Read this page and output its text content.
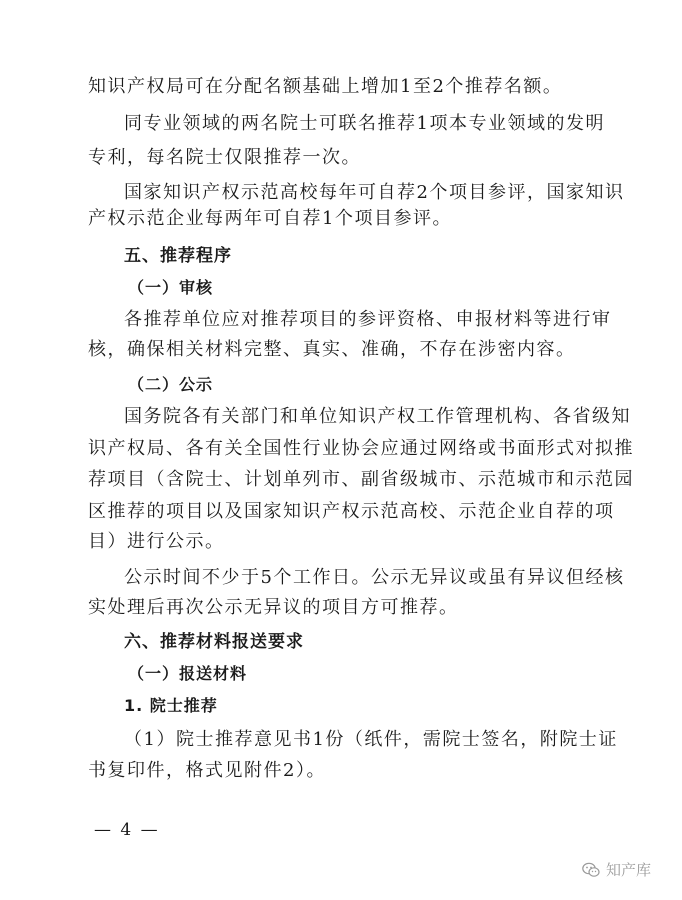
知识产权局可在分配名额基础上增加1至2个推荐名额。
同专业领域的两名院士可联名推荐1项本专业领域的发明
专利，每名院士仅限推荐一次。
国家知识产权示范高校每年可自荐2个项目参评，国家知识
产权示范企业每两年可自荐1个项目参评。
五、推荐程序
（一）审核
各推荐单位应对推荐项目的参评资格、申报材料等进行审
核，确保相关材料完整、真实、准确，不存在涉密内容。
（二）公示
国务院各有关部门和单位知识产权工作管理机构、各省级知
识产权局、各有关全国性行业协会应通过网络或书面形式对拟推
荐项目（含院士、计划单列市、副省级城市、示范城市和示范园
区推荐的项目以及国家知识产权示范高校、示范企业自荐的项
目）进行公示。
公示时间不少于5个工作日。公示无异议或虽有异议但经核
实处理后再次公示无异议的项目方可推荐。
六、推荐材料报送要求
（一）报送材料
1. 院士推荐
（1）院士推荐意见书1份（纸件，需院士签名，附院士证
书复印件，格式见附件2）。
— 4 —
知产库
